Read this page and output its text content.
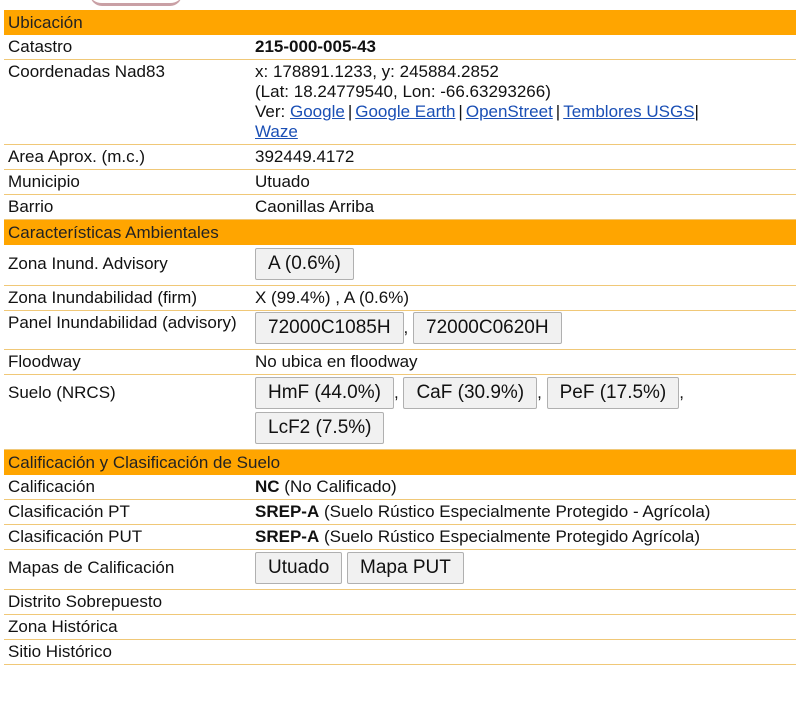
Ubicación
Catastro	215-000-005-43
Coordenadas Nad83	x: 178891.1233, y: 245884.2852
(Lat: 18.24779540, Lon: -66.63293266)
Ver: Google | Google Earth | OpenStreet | Temblores USGS|
Waze
Area Aprox. (m.c.)	392449.4172
Municipio	Utuado
Barrio	Caonillas Arriba
Características Ambientales
Zona Inund. Advisory	A (0.6%)
Zona Inundabilidad (firm)	X (99.4%) , A (0.6%)
Panel Inundabilidad (advisory)	72000C1085H , 72000C0620H
Floodway	No ubica en floodway
Suelo (NRCS)	HmF (44.0%) , CaF (30.9%) , PeF (17.5%) ,
LcF2 (7.5%)
Calificación y Clasificación de Suelo
Calificación	NC (No Calificado)
Clasificación PT	SREP-A (Suelo Rústico Especialmente Protegido - Agrícola)
Clasificación PUT	SREP-A (Suelo Rústico Especialmente Protegido Agrícola)
Mapas de Calificación	Utuado Mapa PUT
Distrito Sobrepuesto
Zona Histórica
Sitio Histórico
